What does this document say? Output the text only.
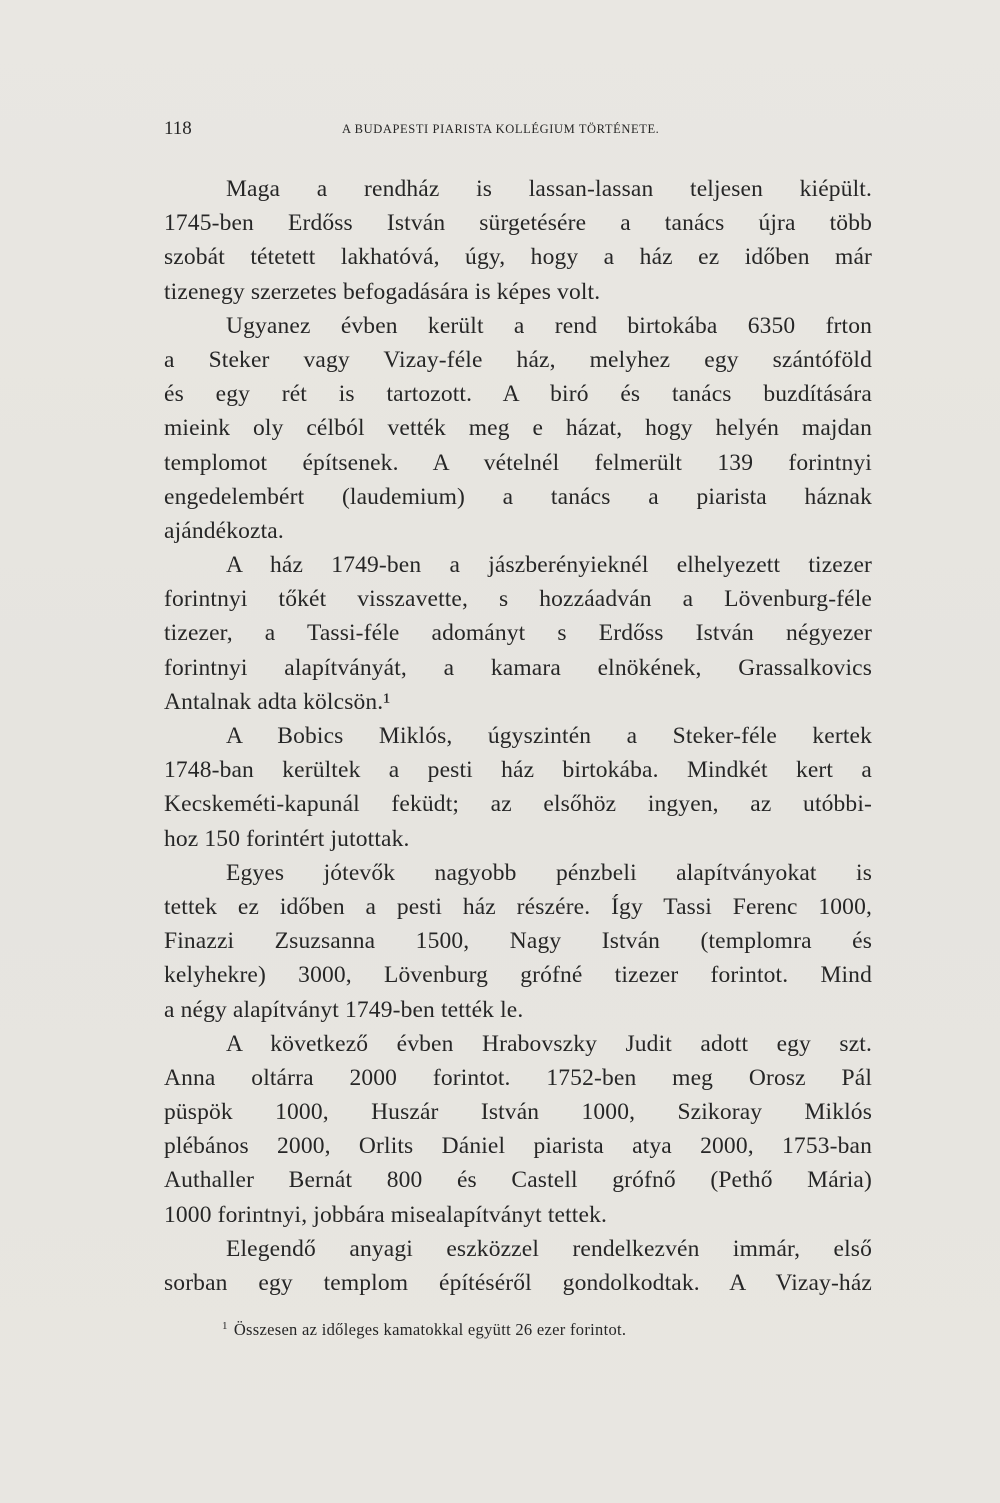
118	A BUDAPESTI PIARISTA KOLLÉGIUM TÖRTÉNETE.
Maga a rendház is lassan-lassan teljesen kiépült.
1745-ben Erdőss István sürgetésére a tanács újra több
szobát tétetett lakhatóvá, úgy, hogy a ház ez időben már
tizenegy szerzetes befogadására is képes volt.
Ugyanez évben került a rend birtokába 6350 frton
a Steker vagy Vizay-féle ház, melyhez egy szántóföld
és egy rét is tartozott. A biró és tanács buzdítására
mieink oly célból vették meg e házat, hogy helyén majdan
templomot építsenek. A vételnél felmerült 139 forintnyi
engedelembért (laudemium) a tanács a piarista háznak
ajándékozta.
A ház 1749-ben a jászberényieknél elhelyezett tizezer
forintnyi tőkét visszavette, s hozzáadván a Lövenburg-féle
tizezer, a Tassi-féle adományt s Erdőss István négyezer
forintnyi alapítványát, a kamara elnökének, Grassalkovics
Antalnak adta kölcsön.¹
A Bobics Miklós, úgyszintén a Steker-féle kertek
1748-ban kerültek a pesti ház birtokába. Mindkét kert a
Kecskeméti-kapunál feküdt; az elsőhöz ingyen, az utóbbi-
hoz 150 forintért jutottak.
Egyes jótevők nagyobb pénzbeli alapítványokat is
tettek ez időben a pesti ház részére. Így Tassi Ferenc 1000,
Finazzi Zsuzsanna 1500, Nagy István (templomra és
kelyhekre) 3000, Lövenburg grófné tizezer forintot. Mind
a négy alapítványt 1749-ben tették le.
A következő évben Hrabovszky Judit adott egy szt.
Anna oltárra 2000 forintot. 1752-ben meg Orosz Pál
püspök 1000, Huszár István 1000, Szikoray Miklós
plébános 2000, Orlits Dániel piarista atya 2000, 1753-ban
Authaller Bernát 800 és Castell grófnő (Pethő Mária)
1000 forintnyi, jobbára misealapítványt tettek.
Elegendő anyagi eszközzel rendelkezvén immár, első
sorban egy templom építéséről gondolkodtak. A Vizay-ház
$^1$ Összesen az időleges kamatokkal együtt 26 ezer forintot.
